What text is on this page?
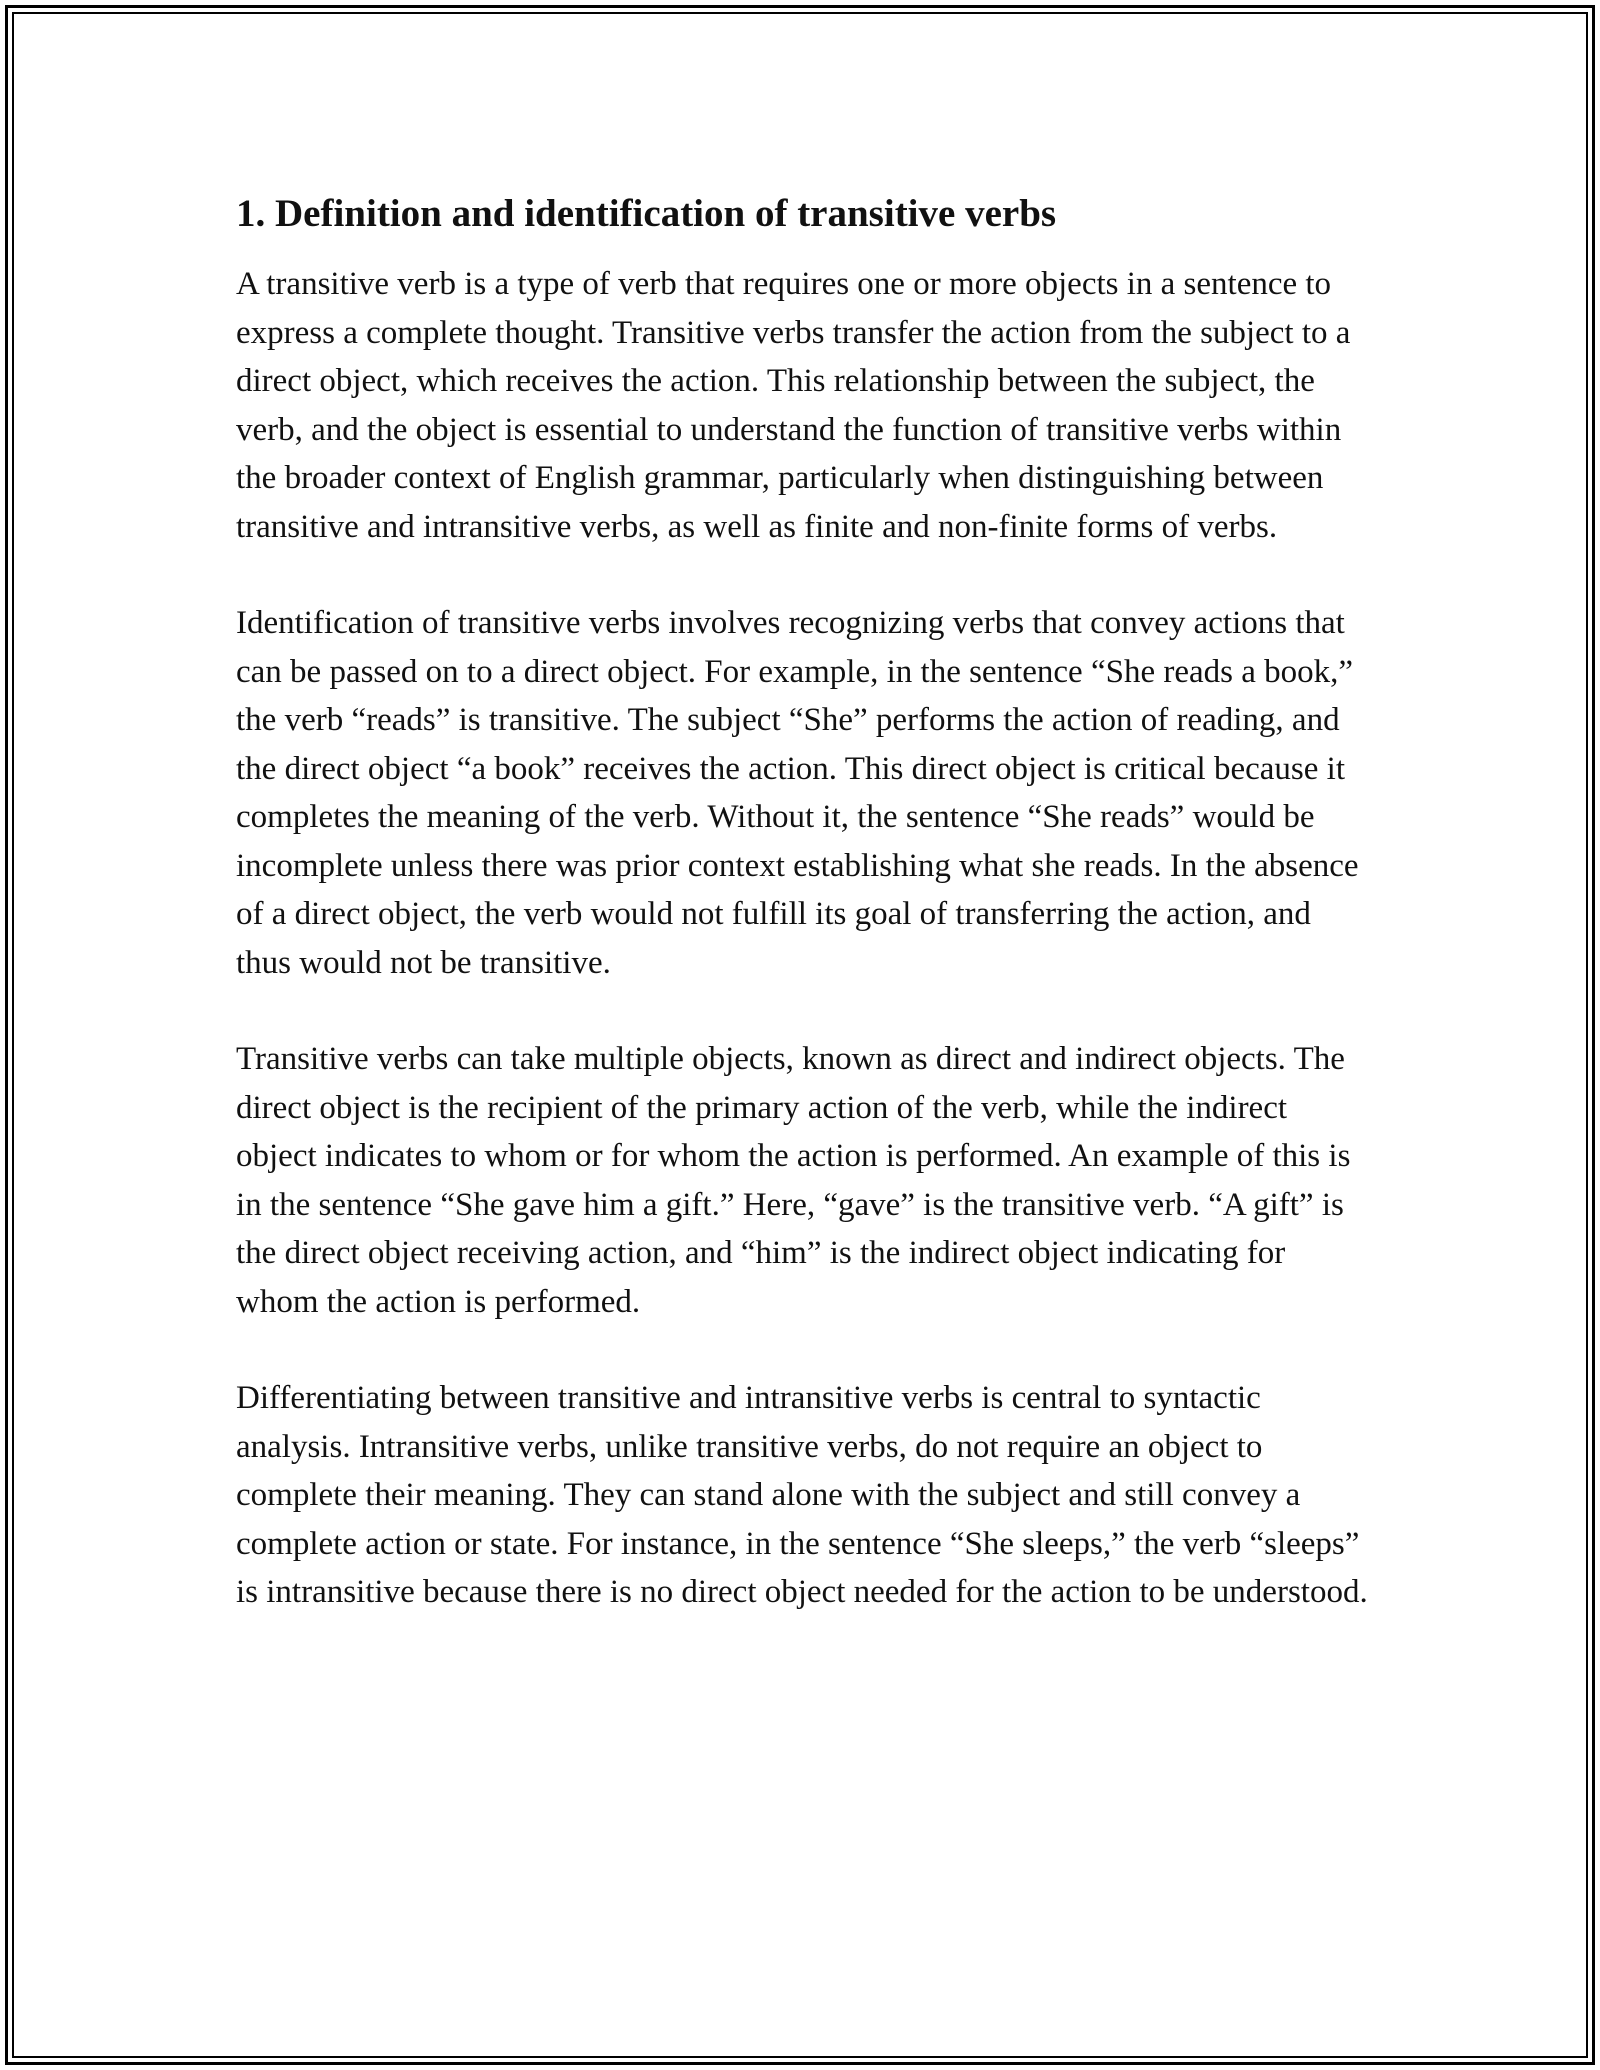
1. Definition and identification of transitive verbs

A transitive verb is a type of verb that requires one or more objects in a sentence to express a complete thought. Transitive verbs transfer the action from the subject to a direct object, which receives the action. This relationship between the subject, the verb, and the object is essential to understand the function of transitive verbs within the broader context of English grammar, particularly when distinguishing between transitive and intransitive verbs, as well as finite and non-finite forms of verbs.

Identification of transitive verbs involves recognizing verbs that convey actions that can be passed on to a direct object. For example, in the sentence “She reads a book,” the verb “reads” is transitive. The subject “She” performs the action of reading, and the direct object “a book” receives the action. This direct object is critical because it completes the meaning of the verb. Without it, the sentence “She reads” would be incomplete unless there was prior context establishing what she reads. In the absence of a direct object, the verb would not fulfill its goal of transferring the action, and thus would not be transitive.

Transitive verbs can take multiple objects, known as direct and indirect objects. The direct object is the recipient of the primary action of the verb, while the indirect object indicates to whom or for whom the action is performed. An example of this is in the sentence “She gave him a gift.” Here, “gave” is the transitive verb. “A gift” is the direct object receiving action, and “him” is the indirect object indicating for whom the action is performed.

Differentiating between transitive and intransitive verbs is central to syntactic analysis. Intransitive verbs, unlike transitive verbs, do not require an object to complete their meaning. They can stand alone with the subject and still convey a complete action or state. For instance, in the sentence “She sleeps,” the verb “sleeps” is intransitive because there is no direct object needed for the action to be understood.
